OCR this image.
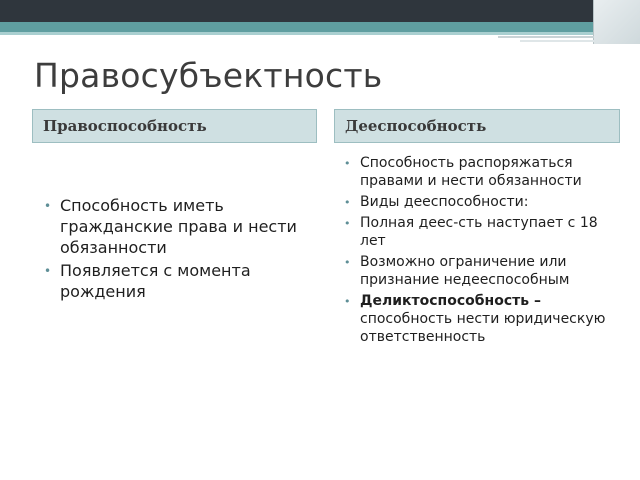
Правосубъектность
Правоспособность	Дееспособность
• Способность иметь гражданские права и нести обязанности
• Появляется с момента рождения
• Способность распоряжаться правами и нести обязанности
• Виды дееспособности:
• Полная деес-сть наступает с 18 лет
• Возможно ограничение или признание недееспособным
• Деликтоспособность – способность нести юридическую ответственность
